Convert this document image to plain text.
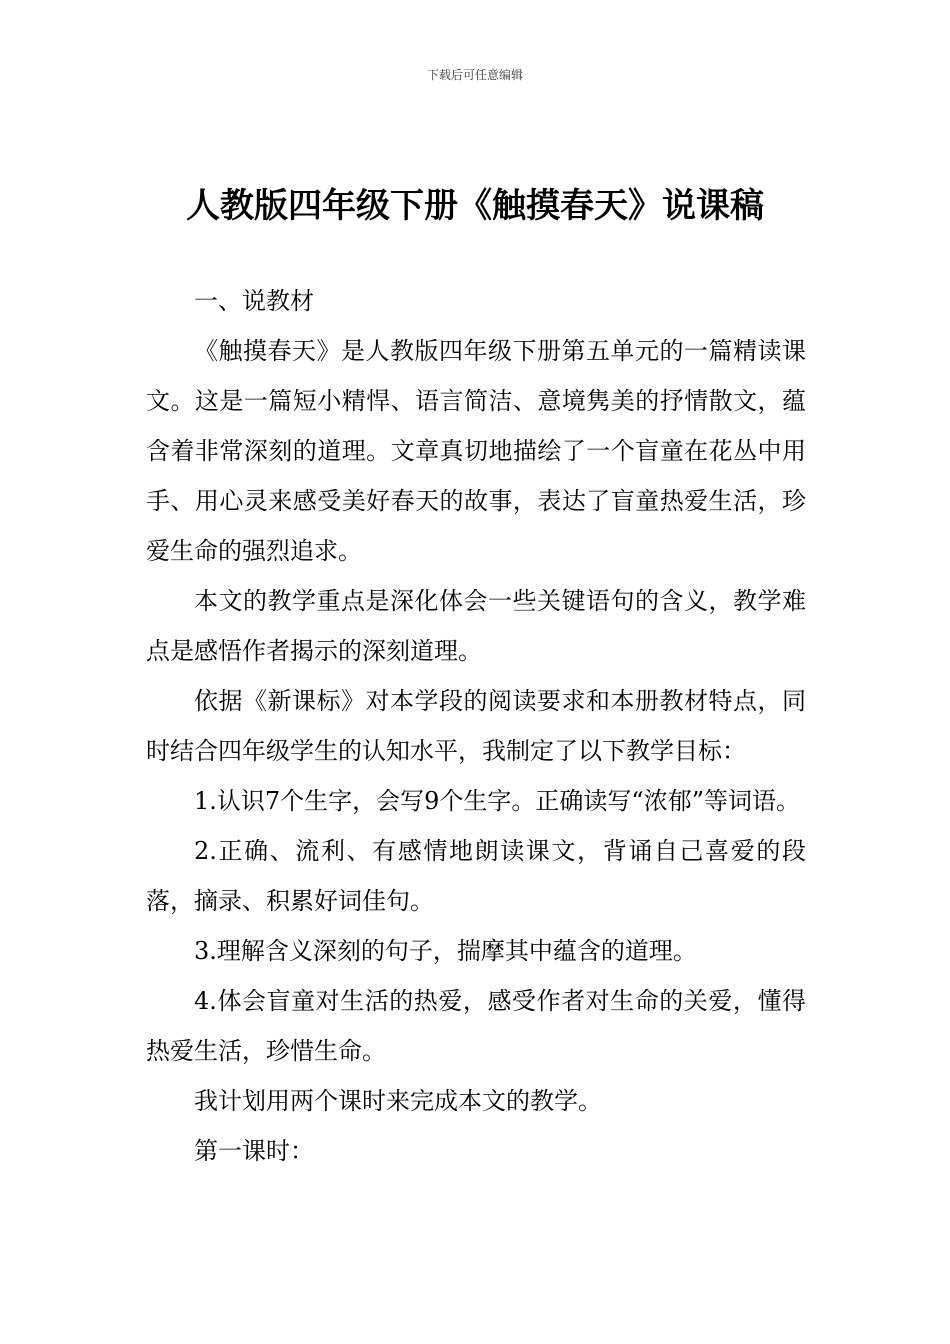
下载后可任意编辑
人教版四年级下册《触摸春天》说课稿

一、说教材

《触摸春天》是人教版四年级下册第五单元的一篇精读课文。这是一篇短小精悍、语言简洁、意境隽美的抒情散文，蕴含着非常深刻的道理。文章真切地描绘了一个盲童在花丛中用手、用心灵来感受美好春天的故事，表达了盲童热爱生活，珍爱生命的强烈追求。

本文的教学重点是深化体会一些关键语句的含义，教学难点是感悟作者揭示的深刻道理。

依据《新课标》对本学段的阅读要求和本册教材特点，同时结合四年级学生的认知水平，我制定了以下教学目标：

1.认识7个生字，会写9个生字。正确读写“浓郁”等词语。

2.正确、流利、有感情地朗读课文，背诵自己喜爱的段落，摘录、积累好词佳句。

3.理解含义深刻的句子，揣摩其中蕴含的道理。

4.体会盲童对生活的热爱，感受作者对生命的关爱，懂得热爱生活，珍惜生命。

我计划用两个课时来完成本文的教学。

第一课时：
